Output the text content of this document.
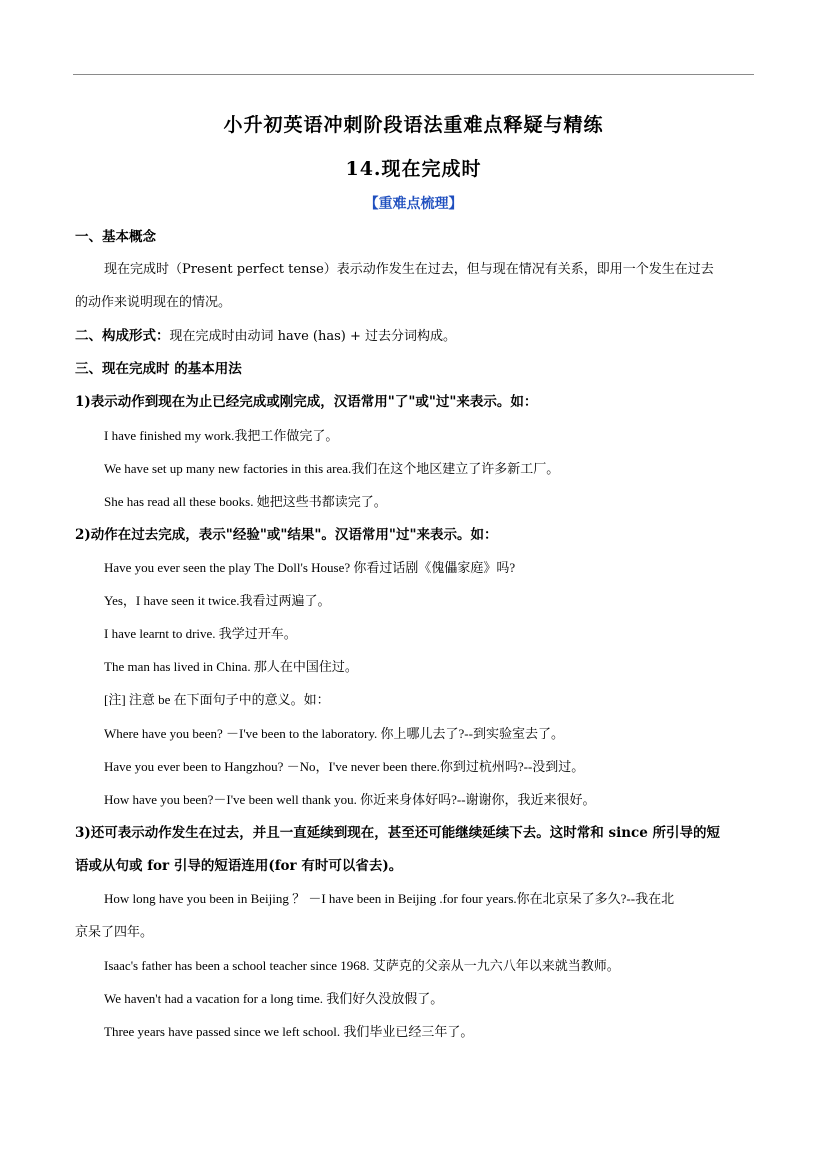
小升初英语冲刺阶段语法重难点释疑与精练
14.现在完成时
【重难点梳理】
一、基本概念
现在完成时（Present perfect tense）表示动作发生在过去，但与现在情况有关系，即用一个发生在过去
的动作来说明现在的情况。
二、构成形式：现在完成时由动词 have (has) + 过去分词构成。
三、现在完成时 的基本用法
1)表示动作到现在为止已经完成或刚完成，汉语常用"了"或"过"来表示。如：
I have finished my work.我把工作做完了。
We have set up many new factories in this area.我们在这个地区建立了许多新工厂。
She has read all these books. 她把这些书都读完了。
2)动作在过去完成，表示"经验"或"结果"。汉语常用"过"来表示。如：
Have you ever seen the play The Doll's House? 你看过话剧《傀儡家庭》吗?
Yes，I have seen it twice.我看过两遍了。
I have learnt to drive. 我学过开车。
The man has lived in China. 那人在中国住过。
[注] 注意 be 在下面句子中的意义。如：
Where have you been? －I've been to the laboratory. 你上哪儿去了?--到实验室去了。
Have you ever been to Hangzhou? －No，I've never been there.你到过杭州吗?--没到过。
How have you been?－I've been well thank you. 你近来身体好吗?--谢谢你，我近来很好。
3)还可表示动作发生在过去，并且一直延续到现在，甚至还可能继续延续下去。这时常和 since 所引导的短
语或从句或 for 引导的短语连用(for 有时可以省去)。
How long have you been in Beijing ？ －I have been in Beijing .for four years.你在北京呆了多久?--我在北
京呆了四年。
Isaac's father has been a school teacher since 1968. 艾萨克的父亲从一九六八年以来就当教师。
We haven't had a vacation for a long time. 我们好久没放假了。
Three years have passed since we left school. 我们毕业已经三年了。
